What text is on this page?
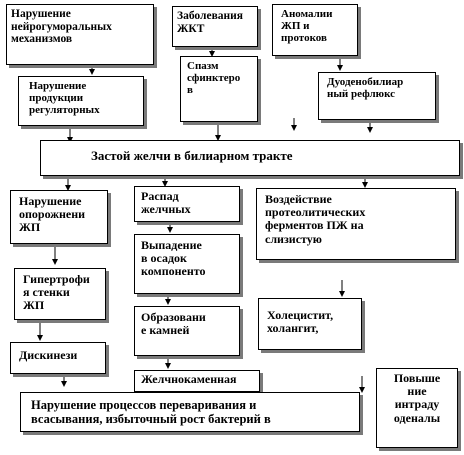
Нарушение
нейрогуморальных
механизмов
Заболевания
ЖКТ
Аномалии
ЖП и
протоков
Нарушение
продукции
регуляторных
Спазм
сфинктеро
в
Дуоденобилиар
ный рефлюкс
Застой желчи в билиарном тракте
Нарушение
опорожнени
ЖП
Распад
желчных
Воздействие
протеолитических
ферментов ПЖ на
слизистую
Выпадение
в осадок
компоненто
Гипертрофи
я стенки
ЖП
Образовани
е камней
Холецистит,
холангит,
Дискинези
Желчнокаменная	Повыше
ние
интраду
оденалы
Нарушение процессов переваривания и
всасывания, избыточный рост бактерий в
